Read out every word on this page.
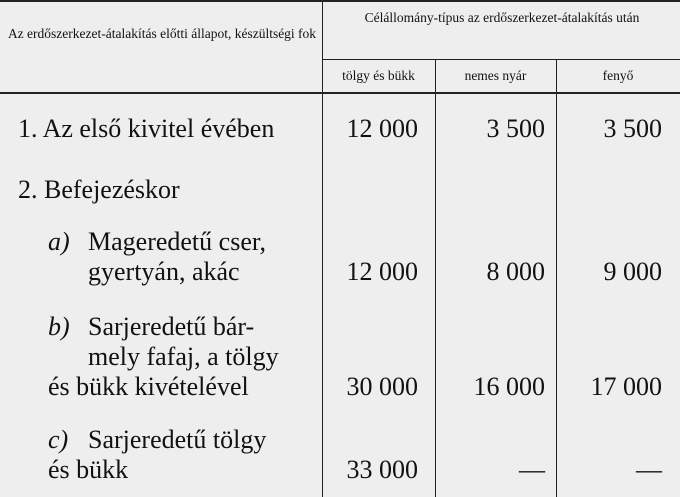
Az erdőszerkezet-átalakítás előtti állapot, készültségi fok
Célállomány-típus az erdőszerkezet-átalakítás után
tölgy és bükk	nemes nyár	fenyő
1. Az első kivitel évében	12 000	3 500	3 500
2. Befejezéskor
a) Mageredetű cser,
gyertyán, akác	12 000	8 000	9 000
b) Sarjeredetű bár-
mely fafaj, a tölgy
és bükk kivételével	30 000	16 000	17 000
c) Sarjeredetű tölgy
és bükk	33 000	—	—
